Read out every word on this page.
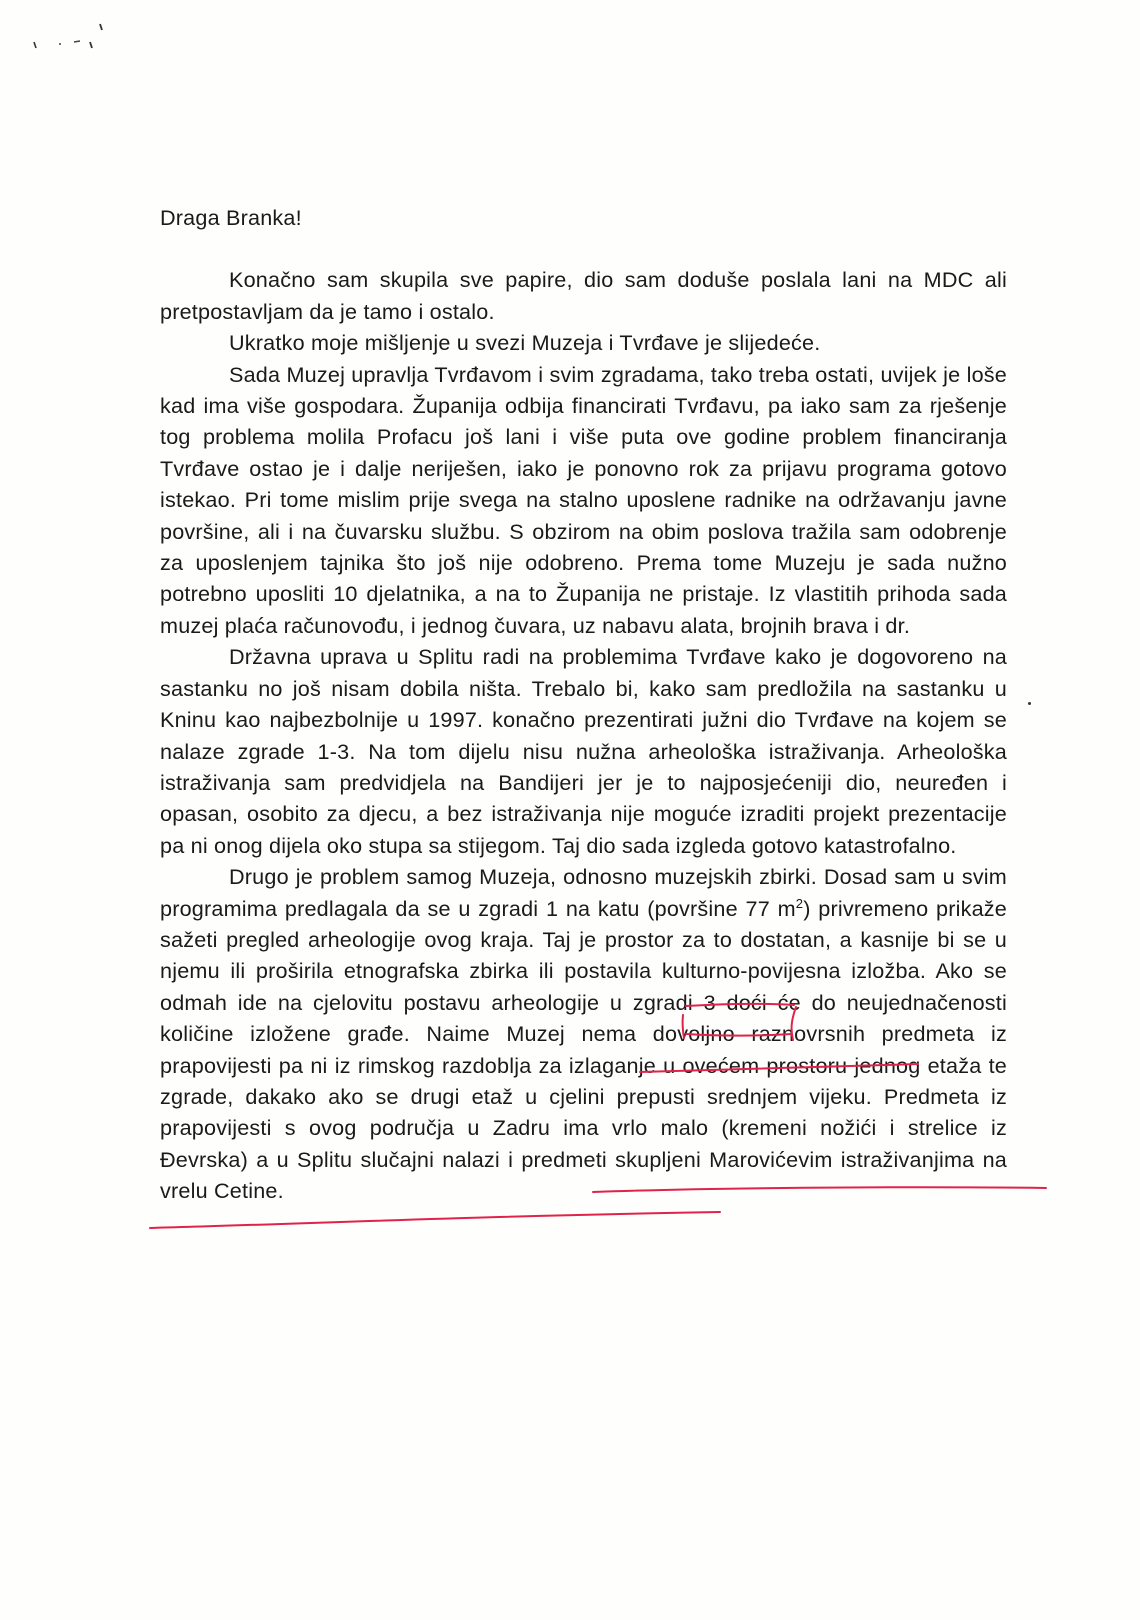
Draga Branka!

Konačno sam skupila sve papire, dio sam doduše poslala lani na MDC ali pretpostavljam da je tamo i ostalo.

Ukratko moje mišljenje u svezi Muzeja i Tvrđave je slijedeće.

Sada Muzej upravlja Tvrđavom i svim zgradama, tako treba ostati, uvijek je loše kad ima više gospodara. Županija odbija financirati Tvrđavu, pa iako sam za rješenje tog problema molila Profacu još lani i više puta ove godine problem financiranja Tvrđave ostao je i dalje neriješen, iako je ponovno rok za prijavu programa gotovo istekao. Pri tome mislim prije svega na stalno uposlene radnike na održavanju javne površine, ali i na čuvarsku službu. S obzirom na obim poslova tražila sam odobrenje za uposlenjem tajnika što još nije odobreno. Prema tome Muzeju je sada nužno potrebno uposliti 10 djelatnika, a na to Županija ne pristaje. Iz vlastitih prihoda sada muzej plaća računovođu, i jednog čuvara, uz nabavu alata, brojnih brava i dr.

Državna uprava u Splitu radi na problemima Tvrđave kako je dogovoreno na sastanku no još nisam dobila ništa. Trebalo bi, kako sam predložila na sastanku u Kninu kao najbezbolnije u 1997. konačno prezentirati južni dio Tvrđave na kojem se nalaze zgrade 1-3. Na tom dijelu nisu nužna arheološka istraživanja. Arheološka istraživanja sam predvidjela na Bandijeri jer je to najposjećeniji dio, neuređen i opasan, osobito za djecu, a bez istraživanja nije moguće izraditi projekt prezentacije pa ni onog dijela oko stupa sa stijegom. Taj dio sada izgleda gotovo katastrofalno.

Drugo je problem samog Muzeja, odnosno muzejskih zbirki. Dosad sam u svim programima predlagala da se u zgradi 1 na katu (površine 77 $m^2$) privremeno prikaže sažeti pregled arheologije ovog kraja. Taj je prostor za to dostatan, a kasnije bi se u njemu ili proširila etnografska zbirka ili postavila kulturno-povijesna izložba. Ako se odmah ide na cjelovitu postavu arheologije u zgradi 3 doći će do neujednačenosti količine izložene građe. Naime Muzej nema dovoljno raznovrsnih predmeta iz prapovijesti pa ni iz rimskog razdoblja za izlaganje u ovećem prostoru jednog etaža te zgrade, dakako ako se drugi etaž u cjelini prepusti srednjem vijeku. Predmeta iz prapovijesti s ovog područja u Zadru ima vrlo malo (kremeni nožići i strelice iz Đevrska) a u Splitu slučajni nalazi i predmeti skupljeni Marovićevim istraživanjima na vrelu Cetine.
